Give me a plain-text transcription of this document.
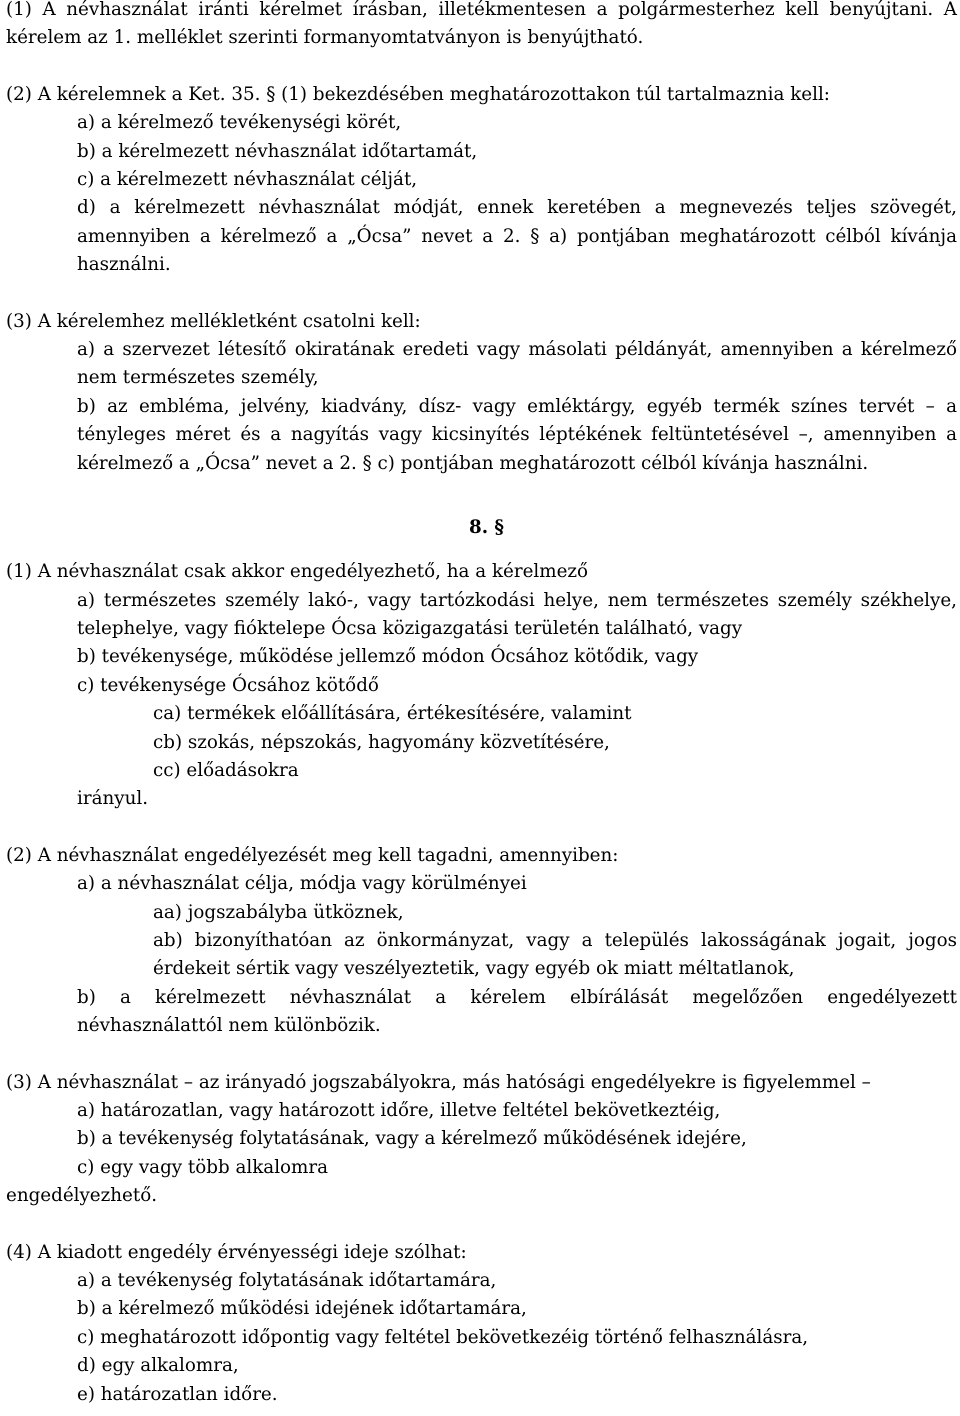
(1) A névhasználat iránti kérelmet írásban, illetékmentesen a polgármesterhez kell benyújtani. A kérelem az 1. melléklet szerinti formanyomtatványon is benyújtható.

(2) A kérelemnek a Ket. 35. § (1) bekezdésében meghatározottakon túl tartalmaznia kell:

a) a kérelmező tevékenységi körét,

b) a kérelmezett névhasználat időtartamát,

c) a kérelmezett névhasználat célját,

d) a kérelmezett névhasználat módját, ennek keretében a megnevezés teljes szövegét, amennyiben a kérelmező a „Ócsa” nevet a 2. § a) pontjában meghatározott célból kívánja használni.

(3) A kérelemhez mellékletként csatolni kell:

a) a szervezet létesítő okiratának eredeti vagy másolati példányát, amennyiben a kérelmező nem természetes személy,

b) az embléma, jelvény, kiadvány, dísz- vagy emléktárgy, egyéb termék színes tervét – a tényleges méret és a nagyítás vagy kicsinyítés léptékének feltüntetésével –, amennyiben a kérelmező a „Ócsa” nevet a 2. § c) pontjában meghatározott célból kívánja használni.

8. §

(1) A névhasználat csak akkor engedélyezhető, ha a kérelmező

a) természetes személy lakó-, vagy tartózkodási helye, nem természetes személy székhelye, telephelye, vagy fióktelepe Ócsa közigazgatási területén található, vagy

b) tevékenysége, működése jellemző módon Ócsához kötődik, vagy

c) tevékenysége Ócsához kötődő

ca) termékek előállítására, értékesítésére, valamint

cb) szokás, népszokás, hagyomány közvetítésére,

cc) előadásokra

irányul.

(2) A névhasználat engedélyezését meg kell tagadni, amennyiben:

a) a névhasználat célja, módja vagy körülményei

aa) jogszabályba ütköznek,

ab) bizonyíthatóan az önkormányzat, vagy a település lakosságának jogait, jogos érdekeit sértik vagy veszélyeztetik, vagy egyéb ok miatt méltatlanok,

b) a kérelmezett névhasználat a kérelem elbírálását megelőzően engedélyezett névhasználattól nem különbözik.

(3) A névhasználat – az irányadó jogszabályokra, más hatósági engedélyekre is figyelemmel –

a) határozatlan, vagy határozott időre, illetve feltétel bekövetkeztéig,

b) a tevékenység folytatásának, vagy a kérelmező működésének idejére,

c) egy vagy több alkalomra

engedélyezhető.

(4) A kiadott engedély érvényességi ideje szólhat:

a) a tevékenység folytatásának időtartamára,

b) a kérelmező működési idejének időtartamára,

c) meghatározott időpontig vagy feltétel bekövetkezéig történő felhasználásra,

d) egy alkalomra,

e) határozatlan időre.
